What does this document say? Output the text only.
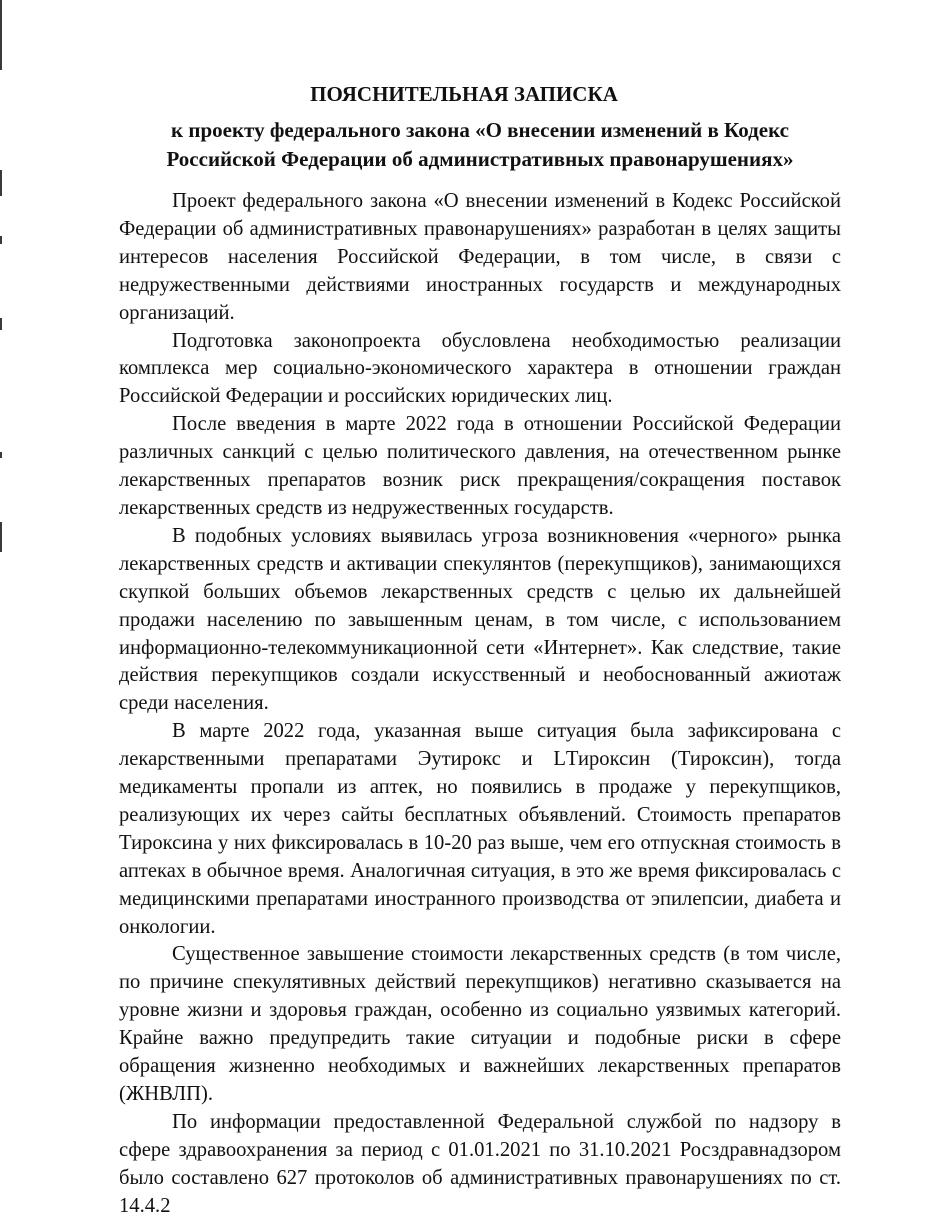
ПОЯСНИТЕЛЬНАЯ ЗАПИСКА
к проекту федерального закона «О внесении изменений в Кодекс
Российской Федерации об административных правонарушениях»

Проект федерального закона «О внесении изменений в Кодекс Российской Федерации об административных правонарушениях» разработан в целях защиты интересов населения Российской Федерации, в том числе, в связи с недружественными действиями иностранных государств и международных организаций.

Подготовка законопроекта обусловлена необходимостью реализации комплекса мер социально-экономического характера в отношении граждан Российской Федерации и российских юридических лиц.

После введения в марте 2022 года в отношении Российской Федерации различных санкций с целью политического давления, на отечественном рынке лекарственных препаратов возник риск прекращения/сокращения поставок лекарственных средств из недружественных государств.

В подобных условиях выявилась угроза возникновения «черного» рынка лекарственных средств и активации спекулянтов (перекупщиков), занимающихся скупкой больших объемов лекарственных средств с целью их дальнейшей продажи населению по завышенным ценам, в том числе, с использованием информационно-телекоммуникационной сети «Интернет». Как следствие, такие действия перекупщиков создали искусственный и необоснованный ажиотаж среди населения.

В марте 2022 года, указанная выше ситуация была зафиксирована с лекарственными препаратами Эутирокс и LТироксин (Тироксин), тогда медикаменты пропали из аптек, но появились в продаже у перекупщиков, реализующих их через сайты бесплатных объявлений. Стоимость препаратов Тироксина у них фиксировалась в 10-20 раз выше, чем его отпускная стоимость в аптеках в обычное время. Аналогичная ситуация, в это же время фиксировалась с медицинскими препаратами иностранного производства от эпилепсии, диабета и онкологии.

Существенное завышение стоимости лекарственных средств (в том числе, по причине спекулятивных действий перекупщиков) негативно сказывается на уровне жизни и здоровья граждан, особенно из социально уязвимых категорий. Крайне важно предупредить такие ситуации и подобные риски в сфере обращения жизненно необходимых и важнейших лекарственных препаратов (ЖНВЛП).

По информации предоставленной Федеральной службой по надзору в сфере здравоохранения за период с 01.01.2021 по 31.10.2021 Росздравнадзором было составлено 627 протоколов об административных правонарушениях по ст. 14.4.2
